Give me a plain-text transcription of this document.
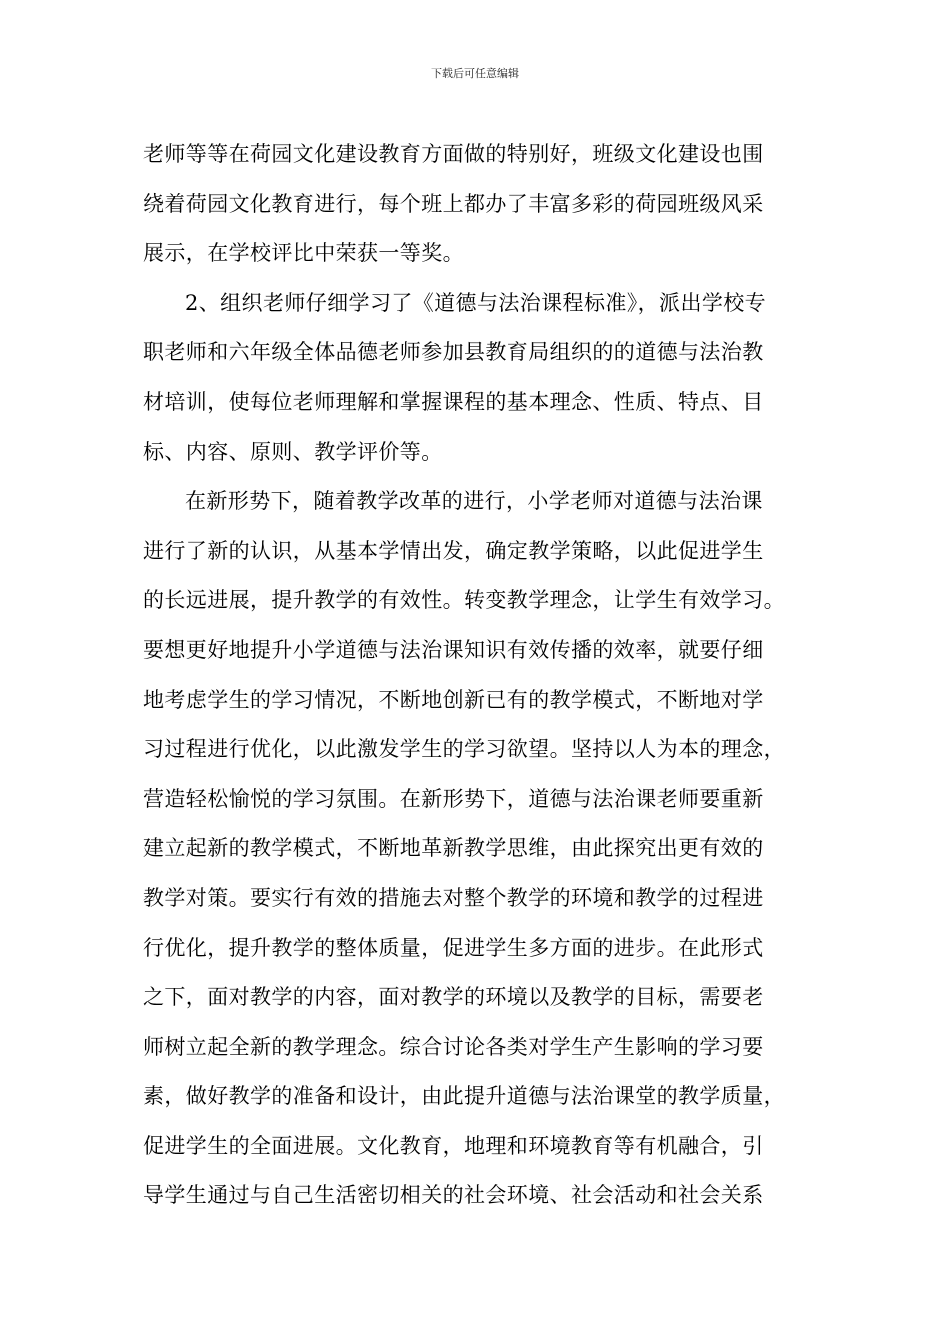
下载后可任意编辑
老师等等在荷园文化建设教育方面做的特别好，班级文化建设也围
绕着荷园文化教育进行，每个班上都办了丰富多彩的荷园班级风采
展示，在学校评比中荣获一等奖。
2、组织老师仔细学习了《道德与法治课程标准》，派出学校专
职老师和六年级全体品德老师参加县教育局组织的的道德与法治教
材培训，使每位老师理解和掌握课程的基本理念、性质、特点、目
标、内容、原则、教学评价等。
在新形势下，随着教学改革的进行，小学老师对道德与法治课
进行了新的认识，从基本学情出发，确定教学策略，以此促进学生
的长远进展，提升教学的有效性。转变教学理念，让学生有效学习。
要想更好地提升小学道德与法治课知识有效传播的效率，就要仔细
地考虑学生的学习情况，不断地创新已有的教学模式，不断地对学
习过程进行优化，以此激发学生的学习欲望。坚持以人为本的理念，
营造轻松愉悦的学习氛围。在新形势下，道德与法治课老师要重新
建立起新的教学模式，不断地革新教学思维，由此探究出更有效的
教学对策。要实行有效的措施去对整个教学的环境和教学的过程进
行优化，提升教学的整体质量，促进学生多方面的进步。在此形式
之下，面对教学的内容，面对教学的环境以及教学的目标，需要老
师树立起全新的教学理念。综合讨论各类对学生产生影响的学习要
素，做好教学的准备和设计，由此提升道德与法治课堂的教学质量，
促进学生的全面进展。文化教育，地理和环境教育等有机融合，引
导学生通过与自己生活密切相关的社会环境、社会活动和社会关系
